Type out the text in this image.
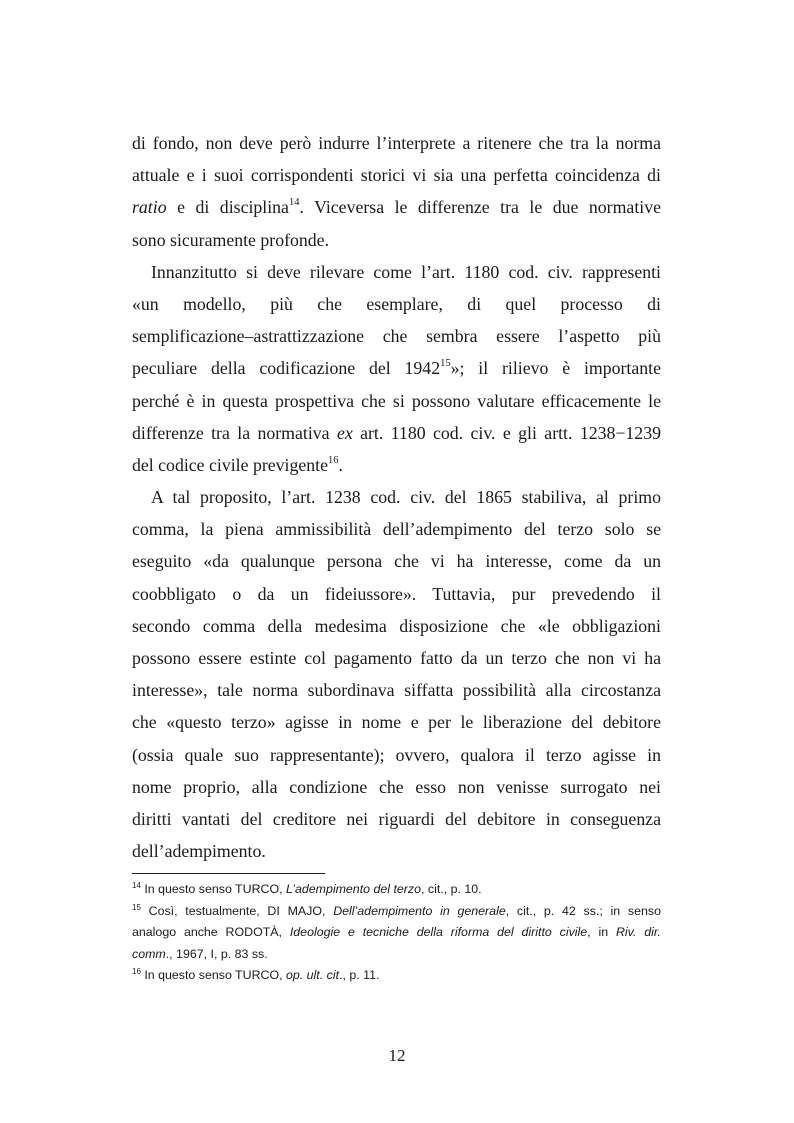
di fondo, non deve però indurre l’interprete a ritenere che tra la norma
attuale e i suoi corrispondenti storici vi sia una perfetta coincidenza di
ratio e di disciplina$^{14}$. Viceversa le differenze tra le due normative
sono sicuramente profonde.
Innanzitutto si deve rilevare come l’art. 1180 cod. civ. rappresenti
«un modello, più che esemplare, di quel processo di
semplificazione–astrattizzazione che sembra essere l’aspetto più
peculiare della codificazione del 1942$^{15}$»; il rilievo è importante
perché è in questa prospettiva che si possono valutare efficacemente le
differenze tra la normativa ex art. 1180 cod. civ. e gli artt. 1238−1239
del codice civile previgente$^{16}$.
A tal proposito, l’art. 1238 cod. civ. del 1865 stabiliva, al primo
comma, la piena ammissibilità dell’adempimento del terzo solo se
eseguito «da qualunque persona che vi ha interesse, come da un
coobbligato o da un fideiussore». Tuttavia, pur prevedendo il
secondo comma della medesima disposizione che «le obbligazioni
possono essere estinte col pagamento fatto da un terzo che non vi ha
interesse», tale norma subordinava siffatta possibilità alla circostanza
che «questo terzo» agisse in nome e per le liberazione del debitore
(ossia quale suo rappresentante); ovvero, qualora il terzo agisse in
nome proprio, alla condizione che esso non venisse surrogato nei
diritti vantati del creditore nei riguardi del debitore in conseguenza
dell’adempimento.
$^{14}$ In questo senso TURCO, L’adempimento del terzo, cit., p. 10.
$^{15}$ Così, testualmente, DI MAJO, Dell’adempimento in generale, cit., p. 42 ss.; in senso
analogo anche RODOTÀ, Ideologie e tecniche della riforma del diritto civile, in Riv. dir.
comm., 1967, I, p. 83 ss.
$^{16}$ In questo senso TURCO, op. ult. cit., p. 11.
12
